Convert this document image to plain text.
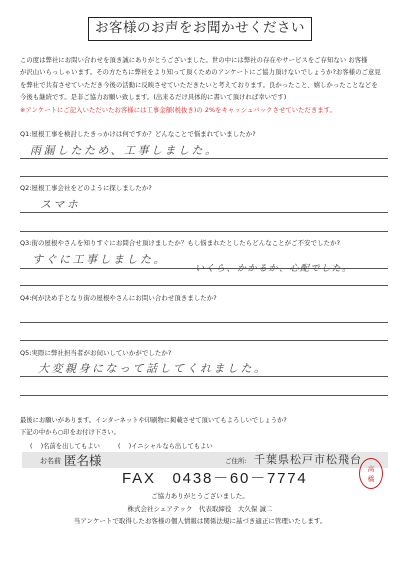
お客様のお声をお聞かせください
この度は弊社にお問い合わせを頂き誠にありがとうございました。世の中には弊社の存在やサービスをご存知ない お客様
が沢山いらっしゃいます。その方たちに弊社をより知って頂くためのアンケートにご協力頂けないでしょうか?お客様のご意見
を弊社で共有させていただき今後の活動に反映させていただきたいと考えております。良かったこと、嬉しかったことなどを
今後も継続です。是非ご協力お願い致します。(出来るだけ具体的に書いて頂ければ幸いです)
※アンケートにご記入いただいたお客様には工事金額(税抜き)の 2%をキャッシュバックさせていただきます。
Q1:屋根工事を検討したきっかけは何ですか？どんなことで悩まれていましたか?
雨漏したため、工事しました。
Q2:屋根工事会社をどのように探しましたか?
スマホ
Q3:街の屋根やさんを知りすぐにお問合せ頂けましたか？もし悩まれたとしたらどんなことがご不安でしたか?
すぐに工事しました。
いくら、かかるか、心配でした。
Q4:何が決め手となり街の屋根やさんにお問い合わせ頂きましたか?
Q5:実際に弊社担当者がお伺いしていかがでしたか?
大変親身になって話してくれました。
最後にお願いがあります。インターネットや印刷物に掲載させて頂いてもよろしいでしょうか?
下記の中から○印をお付け下さい。
(　 )名前を出してもよい	(　 )イニシャルなら出してもよい
お名前 匿名様	ご住所: 千葉県松戸市松飛台
高
橋
FAX　0438－60－7774
ご協力ありがとうございました。
株式会社シェアテック　代表取締役　大久保 誠二
当アンケートで取得したお客様の個人情報は関係法規に基づき適正に管理いたします。
